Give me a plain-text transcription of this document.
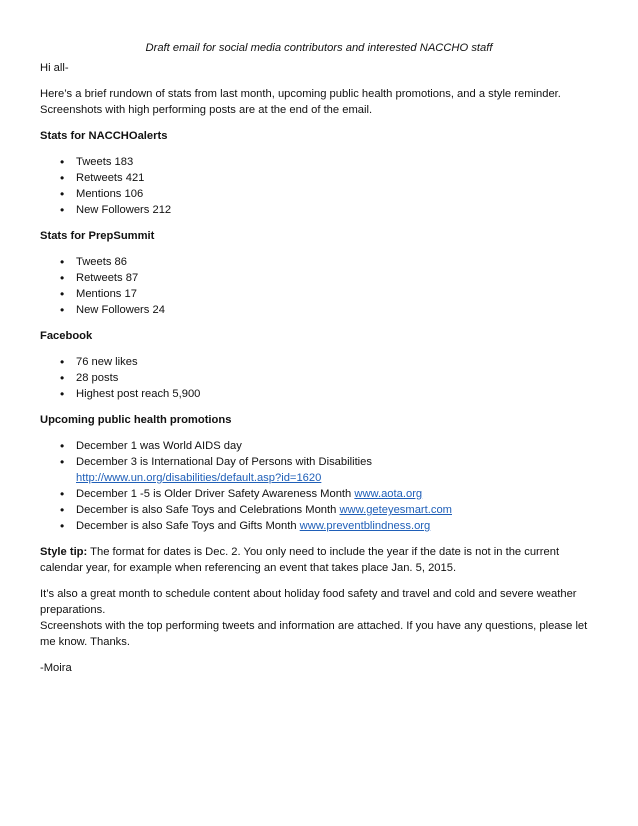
Draft email for social media contributors and interested NACCHO staff

Hi all-

Here’s a brief rundown of stats from last month, upcoming public health promotions, and a style reminder. Screenshots with high performing posts are at the end of the email.

Stats for NACCHOalerts
• Tweets 183
• Retweets 421
• Mentions 106
• New Followers 212
Stats for PrepSummit
• Tweets 86
• Retweets 87
• Mentions 17
• New Followers 24
Facebook
• 76 new likes
• 28 posts
• Highest post reach 5,900
Upcoming public health promotions
• December 1 was World AIDS day
• December 3 is International Day of Persons with Disabilities
http://www.un.org/disabilities/default.asp?id=1620
• December 1 -5 is Older Driver Safety Awareness Month www.aota.org
• December is also Safe Toys and Celebrations Month www.geteyesmart.com
• December is also Safe Toys and Gifts Month www.preventblindness.org

Style tip: The format for dates is Dec. 2. You only need to include the year if the date is not in the current calendar year, for example when referencing an event that takes place Jan. 5, 2015.

It’s also a great month to schedule content about holiday food safety and travel and cold and severe weather preparations.

Screenshots with the top performing tweets and information are attached. If you have any questions, please let me know. Thanks.

-Moira
